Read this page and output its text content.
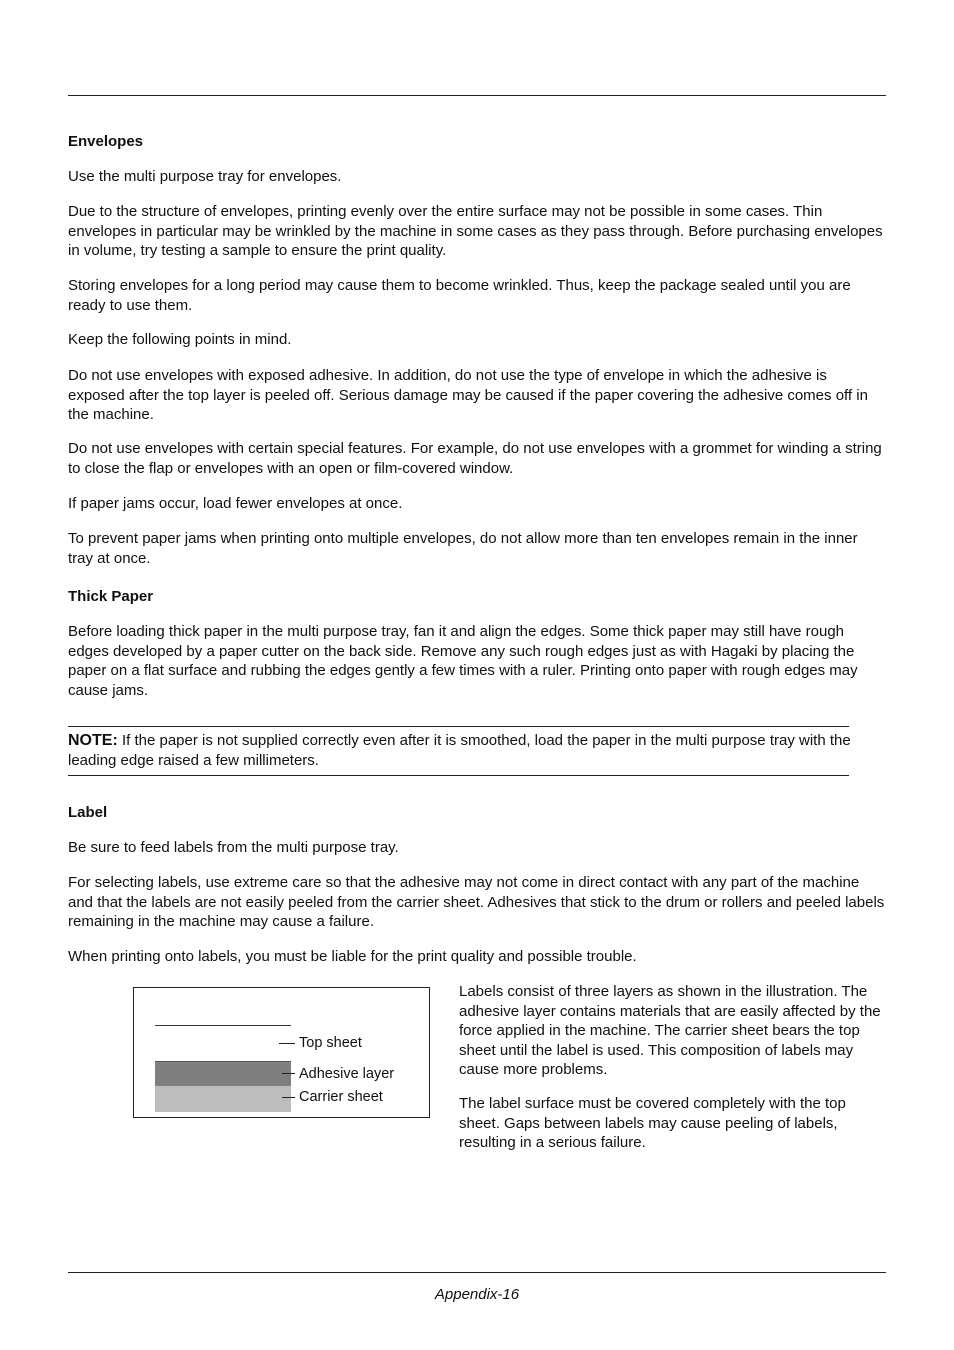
Envelopes

Use the multi purpose tray for envelopes.

Due to the structure of envelopes, printing evenly over the entire surface may not be possible in some cases. Thin envelopes in particular may be wrinkled by the machine in some cases as they pass through. Before purchasing envelopes in volume, try testing a sample to ensure the print quality.

Storing envelopes for a long period may cause them to become wrinkled. Thus, keep the package sealed until you are ready to use them.

Keep the following points in mind.

Do not use envelopes with exposed adhesive. In addition, do not use the type of envelope in which the adhesive is exposed after the top layer is peeled off. Serious damage may be caused if the paper covering the adhesive comes off in the machine.

Do not use envelopes with certain special features. For example, do not use envelopes with a grommet for winding a string to close the flap or envelopes with an open or film-covered window.

If paper jams occur, load fewer envelopes at once.

To prevent paper jams when printing onto multiple envelopes, do not allow more than ten envelopes remain in the inner tray at once.

Thick Paper

Before loading thick paper in the multi purpose tray, fan it and align the edges. Some thick paper may still have rough edges developed by a paper cutter on the back side. Remove any such rough edges just as with Hagaki by placing the paper on a flat surface and rubbing the edges gently a few times with a ruler. Printing onto paper with rough edges may cause jams.

NOTE: If the paper is not supplied correctly even after it is smoothed, load the paper in the multi purpose tray with the leading edge raised a few millimeters.

Label

Be sure to feed labels from the multi purpose tray.

For selecting labels, use extreme care so that the adhesive may not come in direct contact with any part of the machine and that the labels are not easily peeled from the carrier sheet. Adhesives that stick to the drum or rollers and peeled labels remaining in the machine may cause a failure.

When printing onto labels, you must be liable for the print quality and possible trouble.

Top sheet
Adhesive layer
Carrier sheet

Labels consist of three layers as shown in the illustration. The adhesive layer contains materials that are easily affected by the force applied in the machine. The carrier sheet bears the top sheet until the label is used. This composition of labels may cause more problems.

The label surface must be covered completely with the top sheet. Gaps between labels may cause peeling of labels, resulting in a serious failure.

Appendix-16
